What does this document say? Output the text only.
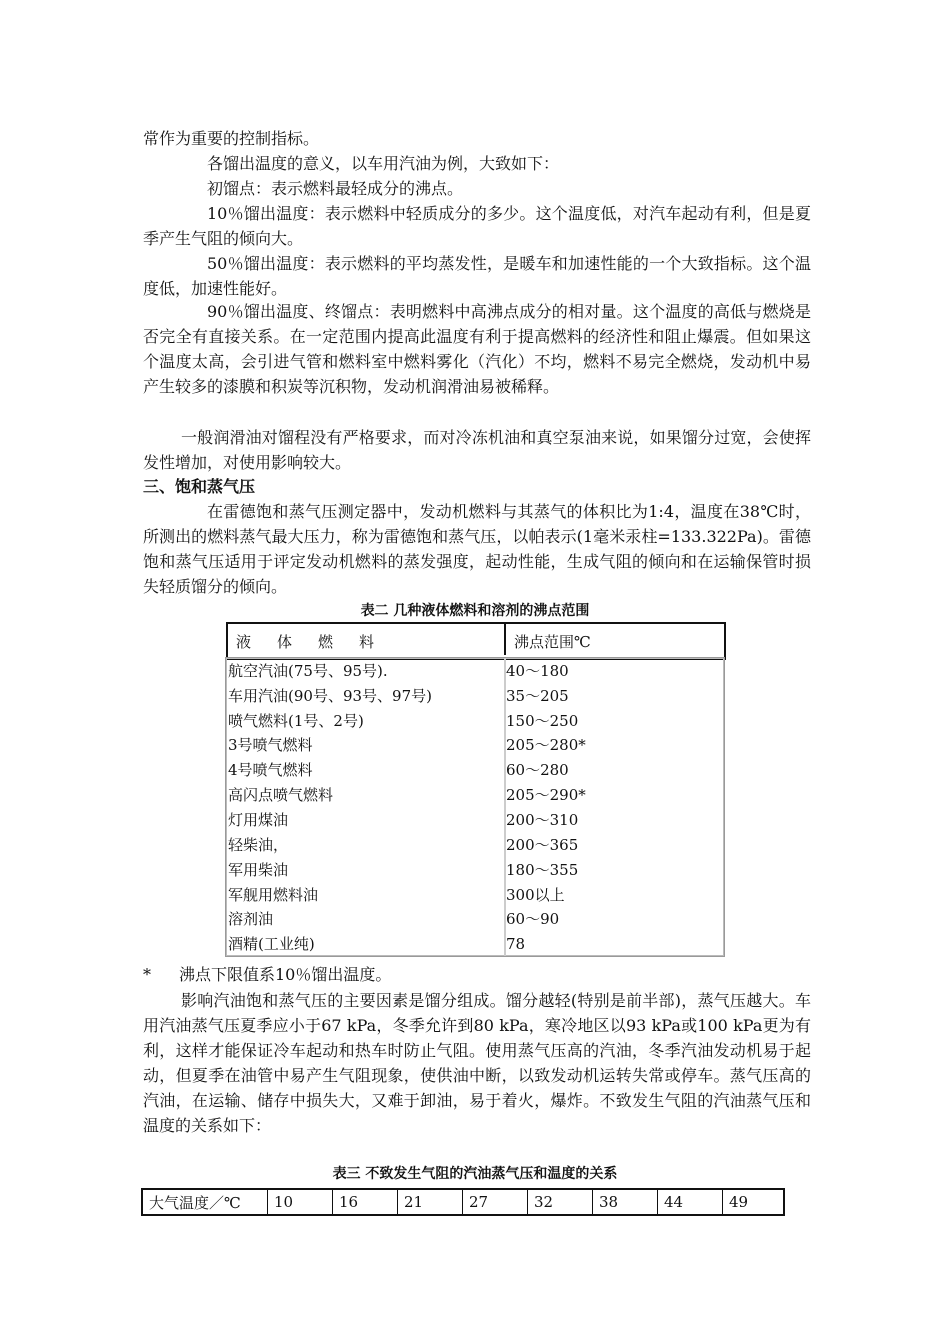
常作为重要的控制指标。

各馏出温度的意义，以车用汽油为例，大致如下：

初馏点：表示燃料最轻成分的沸点。

10％馏出温度：表示燃料中轻质成分的多少。这个温度低，对汽车起动有利，但是夏季产生气阻的倾向大。

50％馏出温度：表示燃料的平均蒸发性，是暖车和加速性能的一个大致指标。这个温度低，加速性能好。

90％馏出温度、终馏点：表明燃料中高沸点成分的相对量。这个温度的高低与燃烧是否完全有直接关系。在一定范围内提高此温度有利于提高燃料的经济性和阻止爆震。但如果这个温度太高，会引进气管和燃料室中燃料雾化（汽化）不均，燃料不易完全燃烧，发动机中易产生较多的漆膜和积炭等沉积物，发动机润滑油易被稀释。

一般润滑油对馏程没有严格要求，而对冷冻机油和真空泵油来说，如果馏分过宽，会使挥发性增加，对使用影响较大。

三、饱和蒸气压

在雷德饱和蒸气压测定器中，发动机燃料与其蒸气的体积比为1:4，温度在38℃时，所测出的燃料蒸气最大压力，称为雷德饱和蒸气压，以帕表示(1毫米汞柱=133.322Pa)。雷德饱和蒸气压适用于评定发动机燃料的蒸发强度，起动性能，生成气阻的倾向和在运输保管时损失轻质馏分的倾向。

表二 几种液体燃料和溶剂的沸点范围

液体燃料	沸点范围℃
航空汽油(75号、95号).	40～180
车用汽油(90号、93号、97号)	35～205
喷气燃料(1号、2号)	150～250
3号喷气燃料	205～280*
4号喷气燃料	60～280
高闪点喷气燃料	205～290*
灯用煤油	200～310
轻柴油，	200～365
军用柴油	180～355
军舰用燃料油	300以上
溶剂油	60～90
酒精(工业纯)	78

* 沸点下限值系10％馏出温度。

影响汽油饱和蒸气压的主要因素是馏分组成。馏分越轻(特别是前半部)，蒸气压越大。车用汽油蒸气压夏季应小于67 kPa，冬季允许到80 kPa，寒冷地区以93 kPa或100 kPa更为有利，这样才能保证冷车起动和热车时防止气阻。使用蒸气压高的汽油，冬季汽油发动机易于起动，但夏季在油管中易产生气阻现象，使供油中断，以致发动机运转失常或停车。蒸气压高的汽油，在运输、储存中损失大，又难于卸油，易于着火，爆炸。不致发生气阻的汽油蒸气压和温度的关系如下：

表三 不致发生气阻的汽油蒸气压和温度的关系

大气温度／℃	10	16	21	27	32	38	44	49
